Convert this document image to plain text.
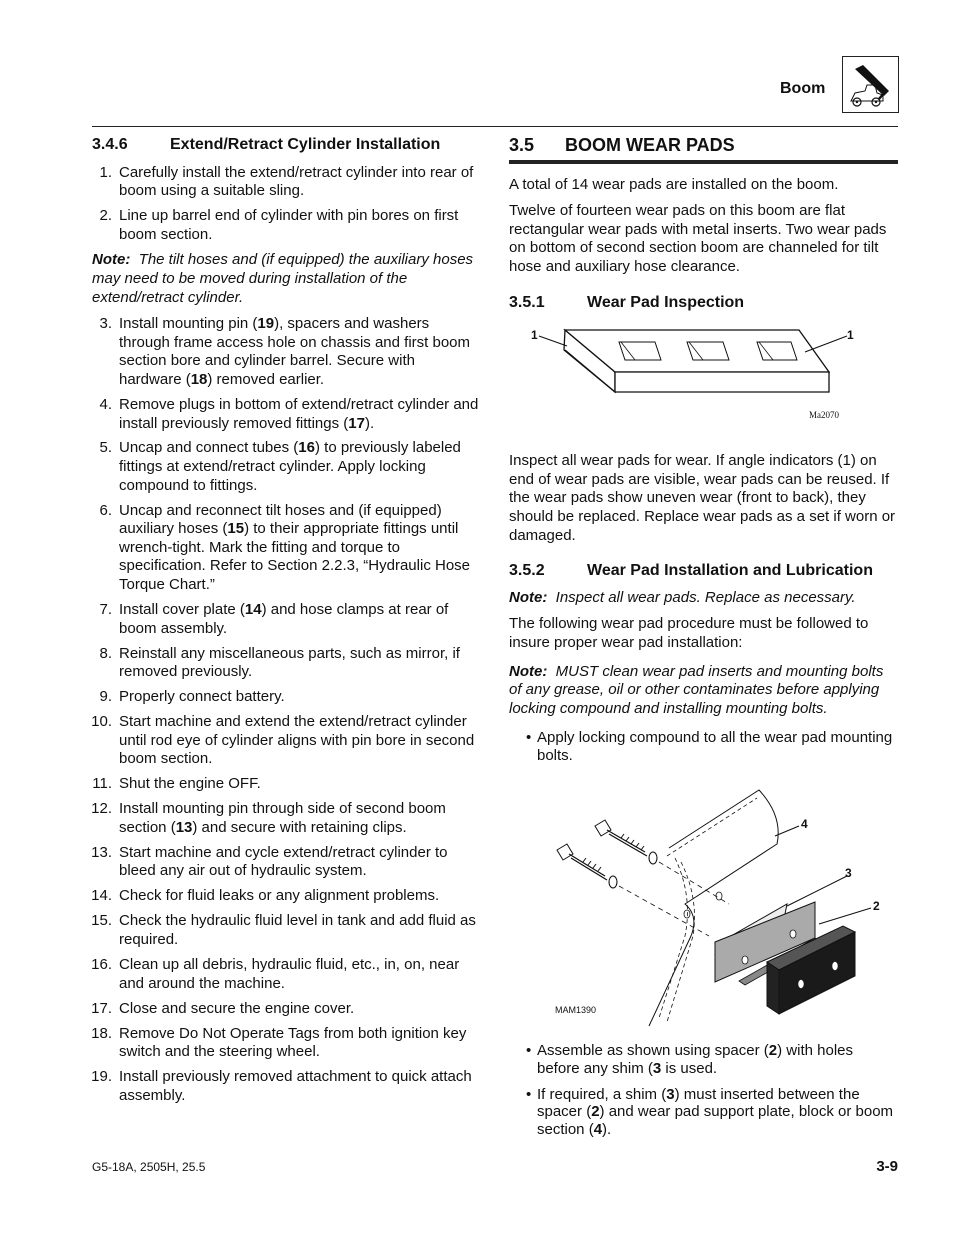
Boom
3.4.6	Extend/Retract Cylinder Installation
1. Carefully install the extend/retract cylinder into rear of boom using a suitable sling.
2. Line up barrel end of cylinder with pin bores on first boom section.

Note: The tilt hoses and (if equipped) the auxiliary hoses may need to be moved during installation of the extend/retract cylinder.

3. Install mounting pin (19), spacers and washers through frame access hole on chassis and first boom section bore and cylinder barrel. Secure with hardware (18) removed earlier.
4. Remove plugs in bottom of extend/retract cylinder and install previously removed fittings (17).
5. Uncap and connect tubes (16) to previously labeled fittings at extend/retract cylinder. Apply locking compound to fittings.
6. Uncap and reconnect tilt hoses and (if equipped) auxiliary hoses (15) to their appropriate fittings until wrench-tight. Mark the fitting and torque to specification. Refer to Section 2.2.3, “Hydraulic Hose Torque Chart.”
7. Install cover plate (14) and hose clamps at rear of boom assembly.
8. Reinstall any miscellaneous parts, such as mirror, if removed previously.
9. Properly connect battery.
10. Start machine and extend the extend/retract cylinder until rod eye of cylinder aligns with pin bore in second boom section.
11. Shut the engine OFF.
12. Install mounting pin through side of second boom section (13) and secure with retaining clips.
13. Start machine and cycle extend/retract cylinder to bleed any air out of hydraulic system.
14. Check for fluid leaks or any alignment problems.
15. Check the hydraulic fluid level in tank and add fluid as required.
16. Clean up all debris, hydraulic fluid, etc., in, on, near and around the machine.
17. Close and secure the engine cover.
18. Remove Do Not Operate Tags from both ignition key switch and the steering wheel.
19. Install previously removed attachment to quick attach assembly.
3.5	BOOM WEAR PADS

A total of 14 wear pads are installed on the boom.

Twelve of fourteen wear pads on this boom are flat rectangular wear pads with metal inserts. Two wear pads on bottom of second section boom are channeled for tilt hose and auxiliary hose clearance.

3.5.1	Wear Pad Inspection
1	1
Ma2070

Inspect all wear pads for wear. If angle indicators (1) on end of wear pads are visible, wear pads can be reused. If the wear pads show uneven wear (front to back), they should be replaced. Replace wear pads as a set if worn or damaged.

3.5.2	Wear Pad Installation and Lubrication

Note: Inspect all wear pads. Replace as necessary.

The following wear pad procedure must be followed to insure proper wear pad installation:

Note: MUST clean wear pad inserts and mounting bolts of any grease, oil or other contaminates before applying locking compound and installing mounting bolts.

• Apply locking compound to all the wear pad mounting bolts.
4
3
2
MAM1390
• Assemble as shown using spacer (2) with holes before any shim (3 is used.
• If required, a shim (3) must inserted between the spacer (2) and wear pad support plate, block or boom section (4).
G5-18A, 2505H, 25.5	3-9
